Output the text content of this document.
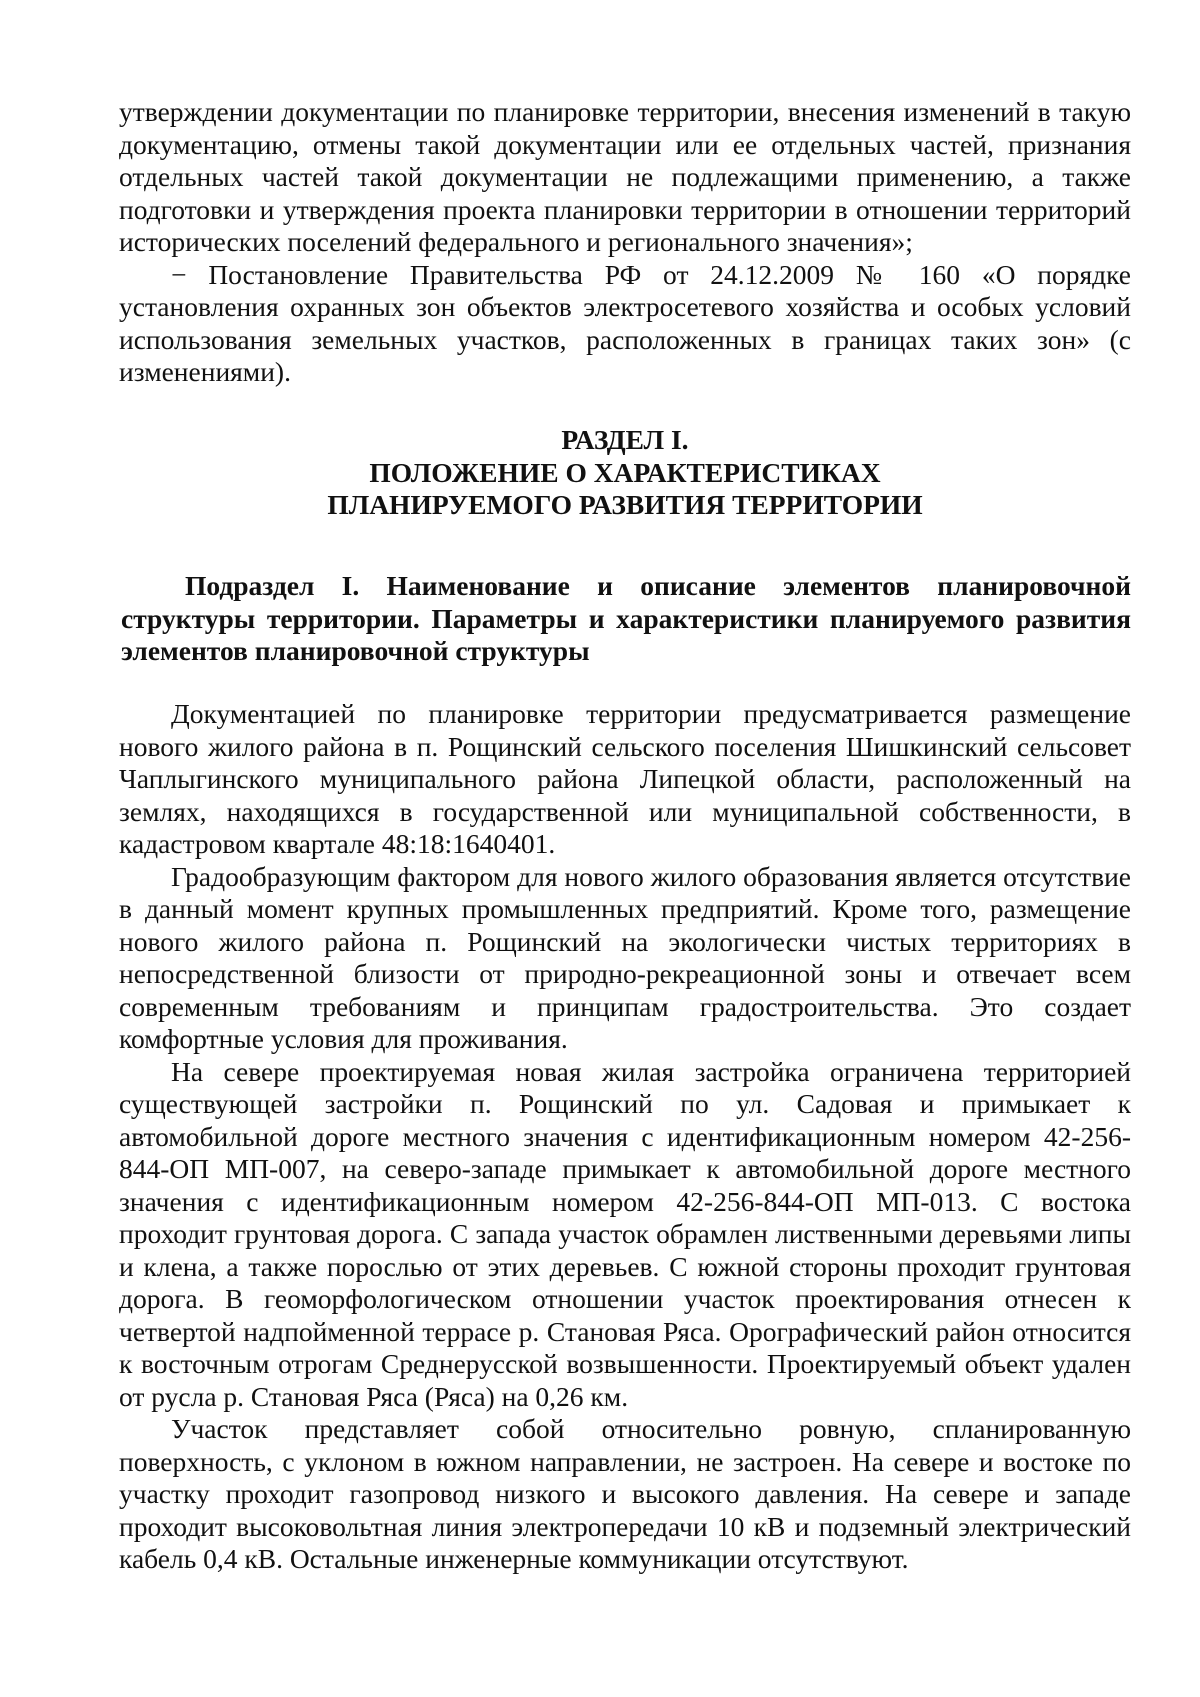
утверждении документации по планировке территории, внесения изменений в такую документацию, отмены такой документации или ее отдельных частей, признания отдельных частей такой документации не подлежащими применению, а также подготовки и утверждения проекта планировки территории в отношении территорий исторических поселений федерального и регионального значения»;

− Постановление Правительства РФ от 24.12.2009 № 160 «О порядке установления охранных зон объектов электросетевого хозяйства и особых условий использования земельных участков, расположенных в границах таких зон» (с изменениями).

РАЗДЕЛ I.
ПОЛОЖЕНИЕ О ХАРАКТЕРИСТИКАХ
ПЛАНИРУЕМОГО РАЗВИТИЯ ТЕРРИТОРИИ
Подраздел I. Наименование и описание элементов планировочной структуры территории. Параметры и характеристики планируемого развития элементов планировочной структуры

Документацией по планировке территории предусматривается размещение нового жилого района в п. Рощинский сельского поселения Шишкинский сельсовет Чаплыгинского муниципального района Липецкой области, расположенный на землях, находящихся в государственной или муниципальной собственности, в кадастровом квартале 48:18:1640401.

Градообразующим фактором для нового жилого образования является отсутствие в данный момент крупных промышленных предприятий. Кроме того, размещение нового жилого района п. Рощинский на экологически чистых территориях в непосредственной близости от природно-рекреационной зоны и отвечает всем современным требованиям и принципам градостроительства. Это создает комфортные условия для проживания.

На севере проектируемая новая жилая застройка ограничена территорией существующей застройки п. Рощинский по ул. Садовая и примыкает к автомобильной дороге местного значения с идентификационным номером 42-256-844-ОП МП-007, на северо-западе примыкает к автомобильной дороге местного значения с идентификационным номером 42-256-844-ОП МП-013. С востока проходит грунтовая дорога. С запада участок обрамлен лиственными деревьями липы и клена, а также порослью от этих деревьев. С южной стороны проходит грунтовая дорога. В геоморфологическом отношении участок проектирования отнесен к четвертой надпойменной террасе р. Становая Ряса. Орографический район относится к восточным отрогам Среднерусской возвышенности. Проектируемый объект удален от русла р. Становая Ряса (Ряса) на 0,26 км.

Участок представляет собой относительно ровную, спланированную поверхность, с уклоном в южном направлении, не застроен. На севере и востоке по участку проходит газопровод низкого и высокого давления. На севере и западе проходит высоковольтная линия электропередачи 10 кВ и подземный электрический кабель 0,4 кВ. Остальные инженерные коммуникации отсутствуют.
